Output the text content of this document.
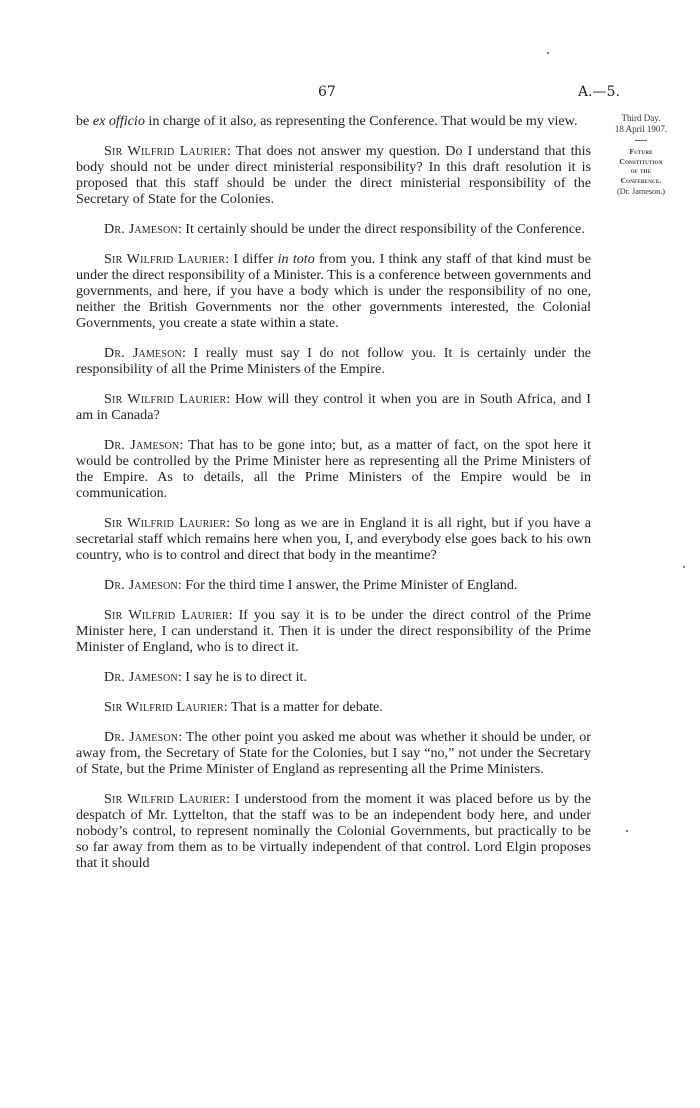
67	A.—5.
Third Day.
18 April 1907.
Future
Constitution
of the
Conference.
(Dr. Jameson.)

be ex officio in charge of it also, as representing the Conference. That would be my view.

Sir Wilfrid Laurier: That does not answer my question. Do I understand that this body should not be under direct ministerial responsibility? In this draft resolution it is proposed that this staff should be under the direct ministerial responsibility of the Secretary of State for the Colonies.

Dr. Jameson: It certainly should be under the direct responsibility of the Conference.

Sir Wilfrid Laurier: I differ in toto from you. I think any staff of that kind must be under the direct responsibility of a Minister. This is a conference between governments and governments, and here, if you have a body which is under the responsibility of no one, neither the British Governments nor the other governments interested, the Colonial Governments, you create a state within a state.

Dr. Jameson: I really must say I do not follow you. It is certainly under the responsibility of all the Prime Ministers of the Empire.

Sir Wilfrid Laurier: How will they control it when you are in South Africa, and I am in Canada?

Dr. Jameson: That has to be gone into; but, as a matter of fact, on the spot here it would be controlled by the Prime Minister here as representing all the Prime Ministers of the Empire. As to details, all the Prime Ministers of the Empire would be in communication.

Sir Wilfrid Laurier: So long as we are in England it is all right, but if you have a secretarial staff which remains here when you, I, and everybody else goes back to his own country, who is to control and direct that body in the meantime?

Dr. Jameson: For the third time I answer, the Prime Minister of England.

Sir Wilfrid Laurier: If you say it is to be under the direct control of the Prime Minister here, I can understand it. Then it is under the direct responsibility of the Prime Minister of England, who is to direct it.

Dr. Jameson: I say he is to direct it.

Sir Wilfrid Laurier: That is a matter for debate.

Dr. Jameson: The other point you asked me about was whether it should be under, or away from, the Secretary of State for the Colonies, but I say “no,” not under the Secretary of State, but the Prime Minister of England as representing all the Prime Ministers.

Sir Wilfrid Laurier: I understood from the moment it was placed before us by the despatch of Mr. Lyttelton, that the staff was to be an independent body here, and under nobody’s control, to represent nominally the Colonial Governments, but practically to be so far away from them as to be virtually independent of that control. Lord Elgin proposes that it should
